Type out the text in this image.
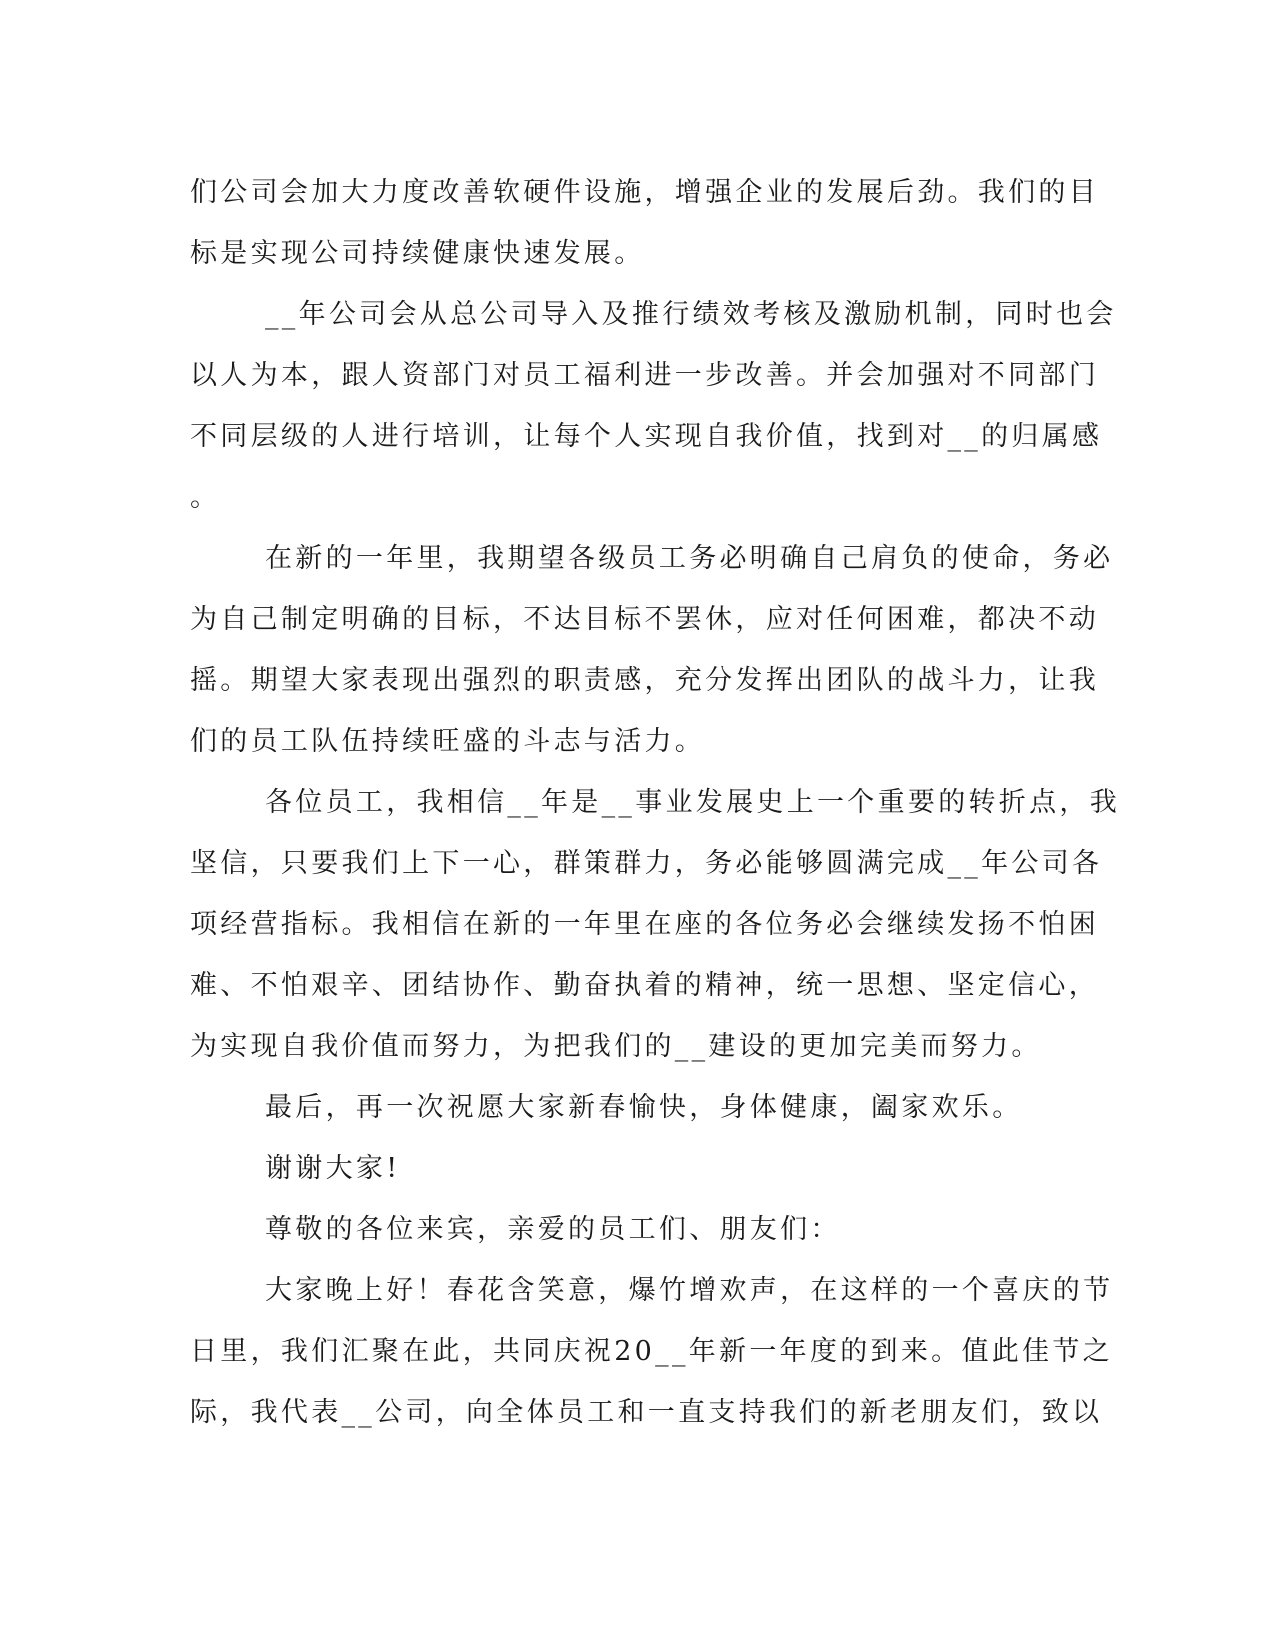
们公司会加大力度改善软硬件设施，增强企业的发展后劲。我们的目
标是实现公司持续健康快速发展。
__年公司会从总公司导入及推行绩效考核及激励机制，同时也会
以人为本，跟人资部门对员工福利进一步改善。并会加强对不同部门
不同层级的人进行培训，让每个人实现自我价值，找到对__的归属感
。
在新的一年里，我期望各级员工务必明确自己肩负的使命，务必
为自己制定明确的目标，不达目标不罢休，应对任何困难，都决不动
摇。期望大家表现出强烈的职责感，充分发挥出团队的战斗力，让我
们的员工队伍持续旺盛的斗志与活力。
各位员工，我相信__年是__事业发展史上一个重要的转折点，我
坚信，只要我们上下一心，群策群力，务必能够圆满完成__年公司各
项经营指标。我相信在新的一年里在座的各位务必会继续发扬不怕困
难、不怕艰辛、团结协作、勤奋执着的精神，统一思想、坚定信心，
为实现自我价值而努力，为把我们的__建设的更加完美而努力。
最后，再一次祝愿大家新春愉快，身体健康，阖家欢乐。
谢谢大家!
尊敬的各位来宾，亲爱的员工们、朋友们：
大家晚上好！春花含笑意，爆竹增欢声，在这样的一个喜庆的节
日里，我们汇聚在此，共同庆祝20__年新一年度的到来。值此佳节之
际，我代表__公司，向全体员工和一直支持我们的新老朋友们，致以
